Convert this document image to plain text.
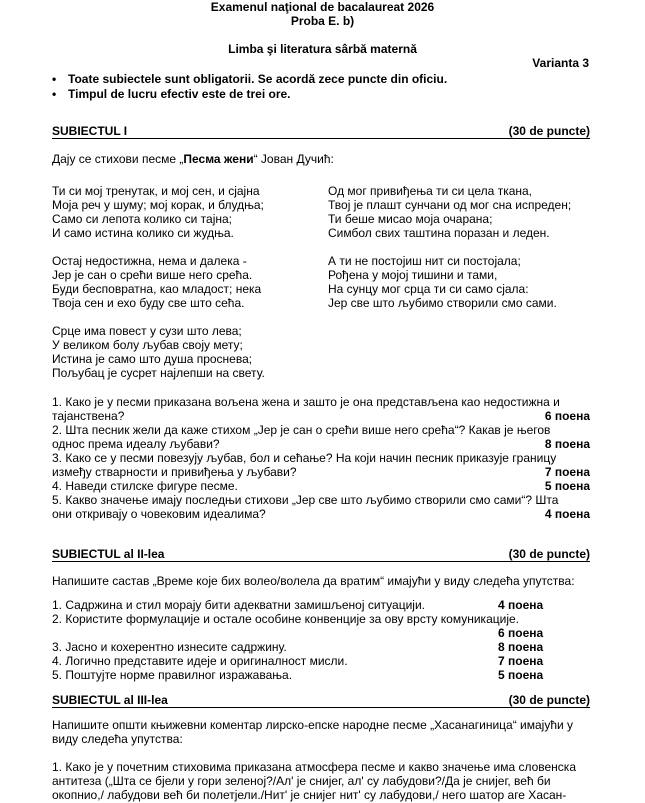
Examenul naţional de bacalaureat 2026
Proba E. b)
Limba şi literatura sârbă maternă
Varianta 3
• Toate subiectele sunt obligatorii. Se acordă zece puncte din oficiu.
• Timpul de lucru efectiv este de trei ore.
SUBIECTUL I	(30 de puncte)
Дају се стихови песме „Песма жени“ Јован Дучић:
Ти си мој тренутак, и мој сен, и сјајна
Моја реч у шуму; мој корак, и блудња;
Само си лепота колико си тајна;
И само истина колико си жудња.
Остај недостижна, нема и далека -
Јер је сан о срећи више него срећа.
Буди бесповратна, као младост; нека
Твоја сен и ехо буду све што сећа.
Срце има повест у сузи што лева;
У великом болу љубав своју мету;
Истина је само што душа проснева;
Пољубац је сусрет најлепши на свету.
Од мог привиђења ти си цела ткана,
Твој је плашт сунчани од мог сна испреден;
Ти беше мисао моја очарана;
Симбол свих таштина поразан и леден.
А ти не постојиш нит си постојала;
Рођена у мојој тишини и тами,
На сунцу мог срца ти си само сјала:
Јер све што љубимо створили смо сами.
1. Како је у песми приказана вољена жена и зашто је она представљена као недостижна и
тајанствена?	6 поена
2. Шта песник жели да каже стихом „Јер је сан о срећи више него срећа“? Какав је његов
однос према идеалу љубави?	8 поена
3. Како се у песми повезују љубав, бол и сећање? На који начин песник приказује границу
између стварности и привиђења у љубави?	7 поена
4. Наведи стилске фигуре песме.	5 поена
5. Какво значење имају последњи стихови „Јер све што љубимо створили смо сами“? Шта
они откривају о човековим идеалима?	4 поена
SUBIECTUL al II-lea	(30 de puncte)
Напишите састав „Време које бих волео/волела да вратим“ имајући у виду следећа упутства:
1. Садржина и стил морају бити адекватни замишљеној ситуацији.	4 поена
2. Користите формулације и остале особине конвенције за ову врсту комуникације.
6 поена
3. Јасно и кохерентно изнесите садржину.	8 поена
4. Логично представите идеје и оригиналност мисли.	7 поена
5. Поштујте норме правилног изражавања.	5 поена
SUBIECTUL al III-lea	(30 de puncte)
Напишите општи књижевни коментар лирско-епске народне песме „Хасанагиница“ имајући у
виду следећа упутства:
1. Како је у почетним стиховима приказана атмосфера песме и какво значење има словенска
антитеза („Шта се бјели у гори зеленој?/Ал' је снијег, ал' су лабудови?/Да је снијег, већ би
окопнио,/ лабудови већ би полетјели./Нит' је снијег нит' су лабудови,/ него шатор аге Хасан-
